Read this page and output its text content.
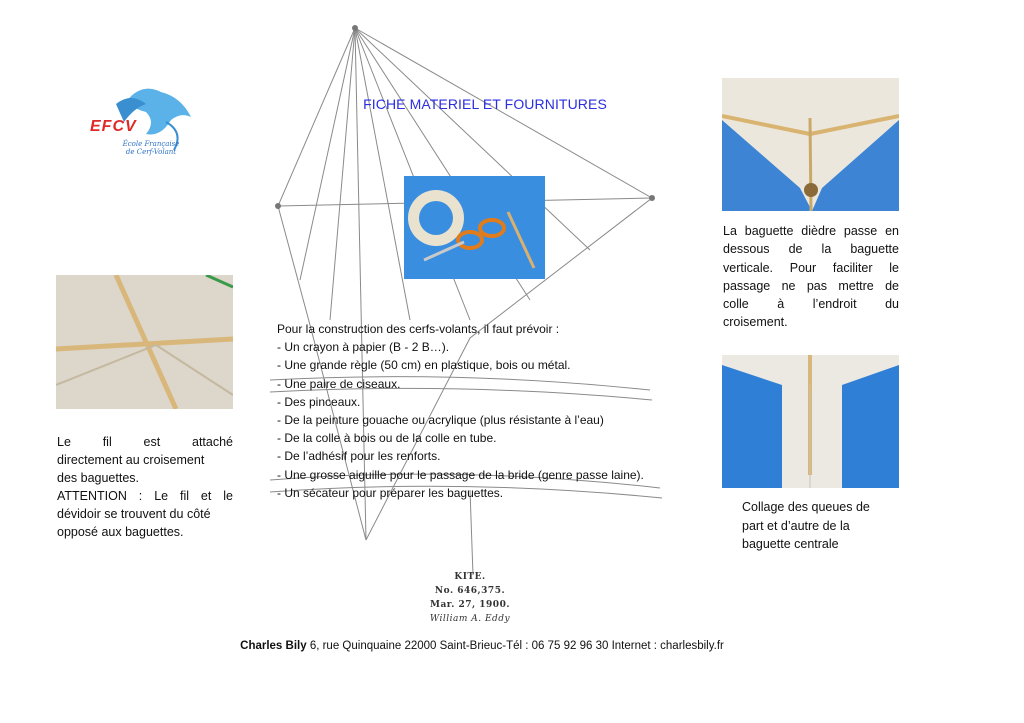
EFCV
École Française
de Cerf-Volant
FICHE MATERIEL ET FOURNITURES

Pour la construction des cerfs-volants, il faut prévoir :

- Un crayon à papier (B - 2 B…).

- Une grande règle (50 cm) en plastique, bois ou métal.

- Une paire de ciseaux.

- Des pinceaux.

- De la peinture gouache ou acrylique (plus résistante à l’eau)

- De la colle à bois ou de la colle en tube.

- De l’adhésif pour les renforts.

- Une grosse aiguille pour le passage de la bride (genre passe laine).

- Un sécateur pour préparer les baguettes.

Le fil est attaché

directement au croisement

des baguettes.

ATTENTION : Le fil et le

dévidoir se trouvent du côté

opposé aux baguettes.

La baguette dièdre passe en

dessous de la baguette

verticale. Pour faciliter le

passage ne pas mettre de

colle à l’endroit du

croisement.

Collage des queues de

part et d’autre de la

baguette centrale

KITE.
No. 646,375.
Mar. 27, 1900.
William A. Eddy
Charles Bily 6, rue Quinquaine 22000 Saint-Brieuc-Tél : 06 75 92 96 30 Internet : charlesbily.fr
